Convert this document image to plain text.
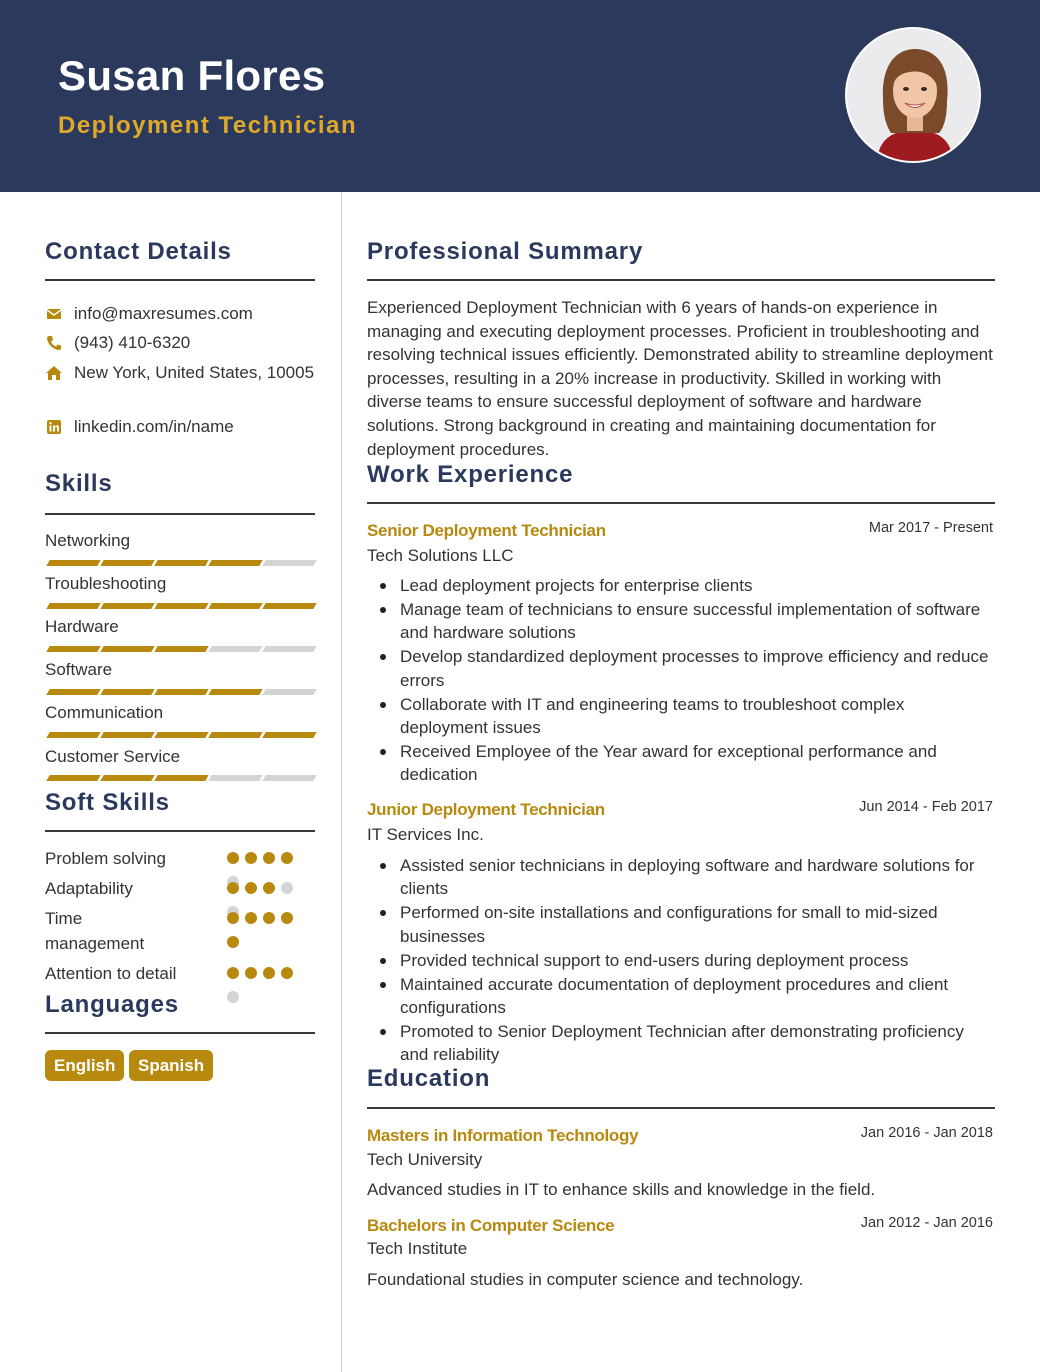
Susan Flores
Deployment Technician
Contact Details
info@maxresumes.com
(943) 410-6320
New York, United States, 10005
linkedin.com/in/name
Skills
Networking
Troubleshooting
Hardware
Software
Communication
Customer Service
Soft Skills
Problem solving
Adaptability
Time management
Attention to detail
Languages
English	Spanish
Professional Summary
Experienced Deployment Technician with 6 years of hands-on experience in managing and executing deployment processes. Proficient in troubleshooting and resolving technical issues efficiently. Demonstrated ability to streamline deployment processes, resulting in a 20% increase in productivity. Skilled in working with diverse teams to ensure successful deployment of software and hardware solutions. Strong background in creating and maintaining documentation for deployment procedures.
Work Experience
Senior Deployment Technician	Mar 2017 - Present
Tech Solutions LLC
Lead deployment projects for enterprise clients
Manage team of technicians to ensure successful implementation of software and hardware solutions
Develop standardized deployment processes to improve efficiency and reduce errors
Collaborate with IT and engineering teams to troubleshoot complex deployment issues
Received Employee of the Year award for exceptional performance and dedication
Junior Deployment Technician	Jun 2014 - Feb 2017
IT Services Inc.
Assisted senior technicians in deploying software and hardware solutions for clients
Performed on-site installations and configurations for small to mid-sized businesses
Provided technical support to end-users during deployment process
Maintained accurate documentation of deployment procedures and client configurations
Promoted to Senior Deployment Technician after demonstrating proficiency and reliability
Education
Masters in Information Technology	Jan 2016 - Jan 2018
Tech University
Advanced studies in IT to enhance skills and knowledge in the field.
Bachelors in Computer Science	Jan 2012 - Jan 2016
Tech Institute
Foundational studies in computer science and technology.
